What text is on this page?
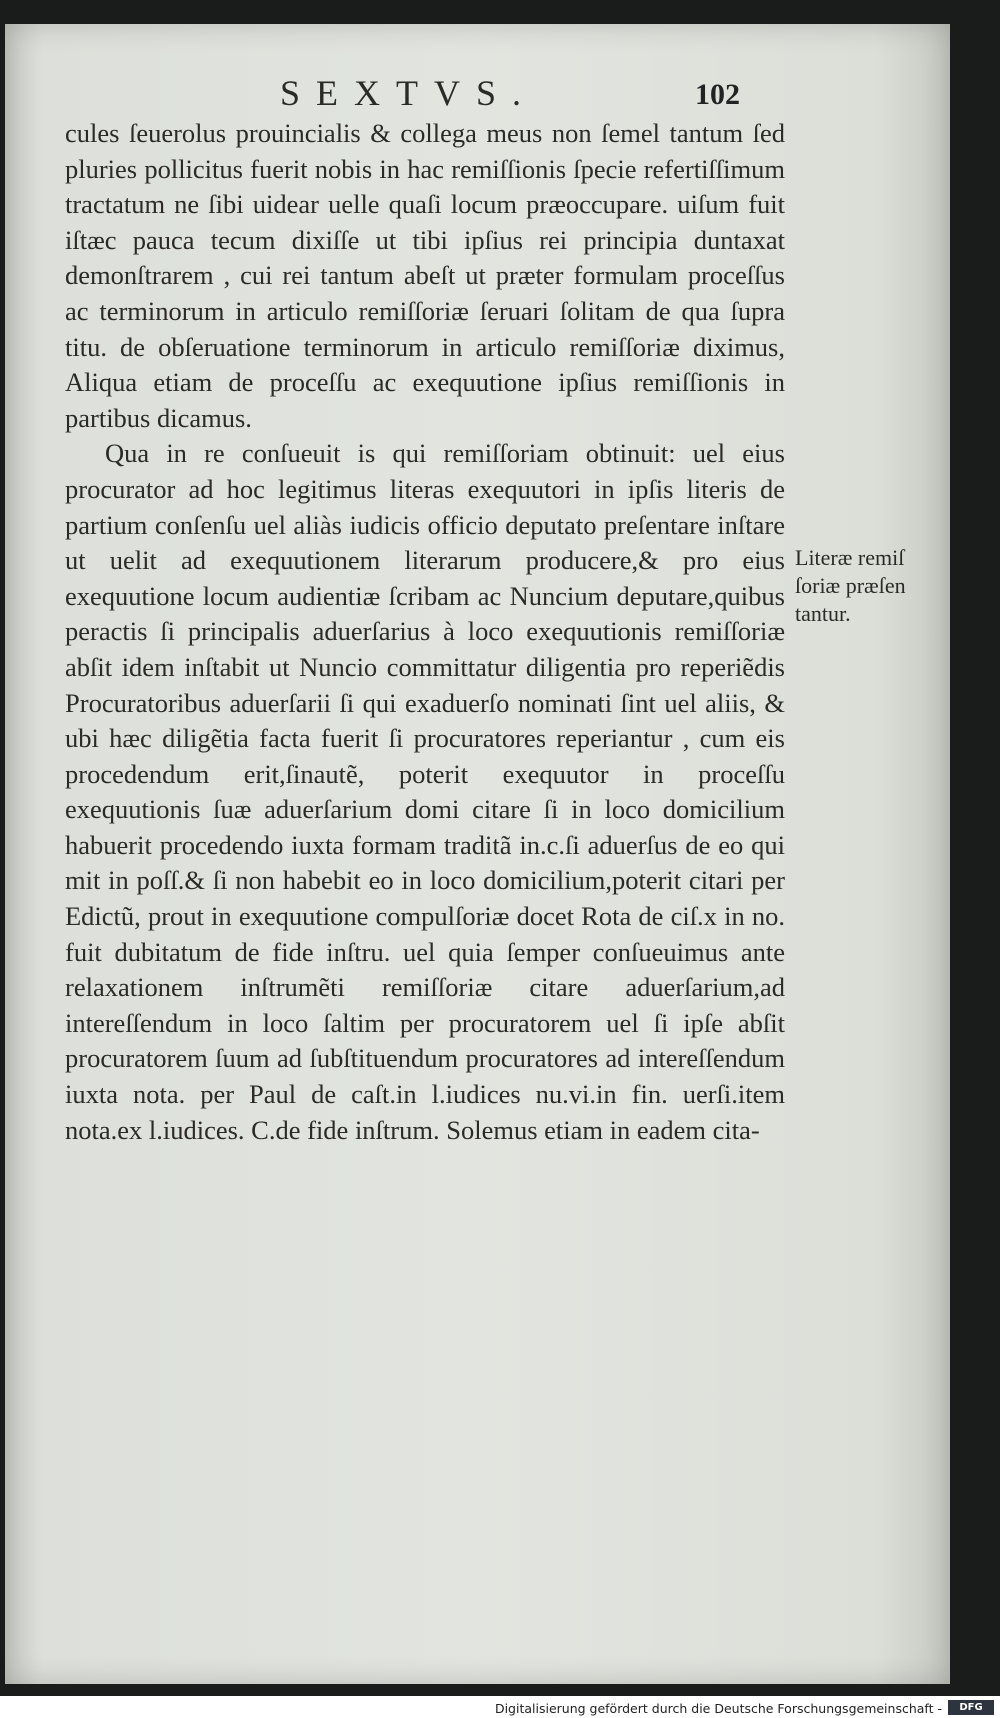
SEXTVS.	102

cules ſeuerolus prouincialis & collega meus non ſemel tantum ſed pluries pollicitus fuerit nobis in hac remiſſionis ſpecie refertiſſimum tractatum ne ſibi uidear uelle quaſi locum præoccupare. uiſum fuit iſtæc pauca tecum dixiſſe ut tibi ipſius rei principia duntaxat demonſtrarem , cui rei tantum abeſt ut præter formulam proceſſus ac terminorum in articulo remiſſoriæ ſeruari ſolitam de qua ſupra titu. de obſeruatione terminorum in articulo remiſſoriæ diximus, Aliqua etiam de proceſſu ac exequutione ipſius remiſſionis in partibus dicamus.

Qua in re conſueuit is qui remiſſoriam obtinuit: uel eius procurator ad hoc legitimus literas exequutori in ipſis literis de partium conſenſu uel aliàs iudicis officio deputato preſentare inſtare ut uelit ad exequutionem literarum producere,& pro eius exequutione locum audientiæ ſcribam ac Nuncium deputare,quibus peractis ſi principalis aduerſarius à loco exequutionis remiſſoriæ abſit idem inſtabit ut Nuncio committatur diligentia pro reperiẽdis Procuratoribus aduerſarii ſi qui exaduerſo nominati ſint uel aliis, & ubi hæc diligẽtia facta fuerit ſi procuratores reperiantur , cum eis procedendum erit,ſinautẽ, poterit exequutor in proceſſu exequutionis ſuæ aduerſarium domi citare ſi in loco domicilium habuerit procedendo iuxta formam traditã in.c.ſi aduerſus de eo qui mit in poſſ.& ſi non habebit eo in loco domicilium,poterit citari per Edictũ, prout in exequutione compulſoriæ docet Rota de ciſ.x in no. fuit dubitatum de fide inſtru. uel quia ſemper conſueuimus ante relaxationem inſtrumẽti remiſſoriæ citare aduerſarium,ad intereſſendum in loco ſaltim per procuratorem uel ſi ipſe abſit procuratorem ſuum ad ſubſtituendum procuratores ad intereſſendum iuxta nota. per Paul de caſt.in l.iudices nu.vi.in fin. uerſi.item nota.ex l.iudices. C.de fide inſtrum. Solemus etiam in eadem cita-

Literæ remiſ
ſoriæ præſen
tantur.
Digitalisierung gefördert durch die Deutsche Forschungsgemeinschaft -	DFG
